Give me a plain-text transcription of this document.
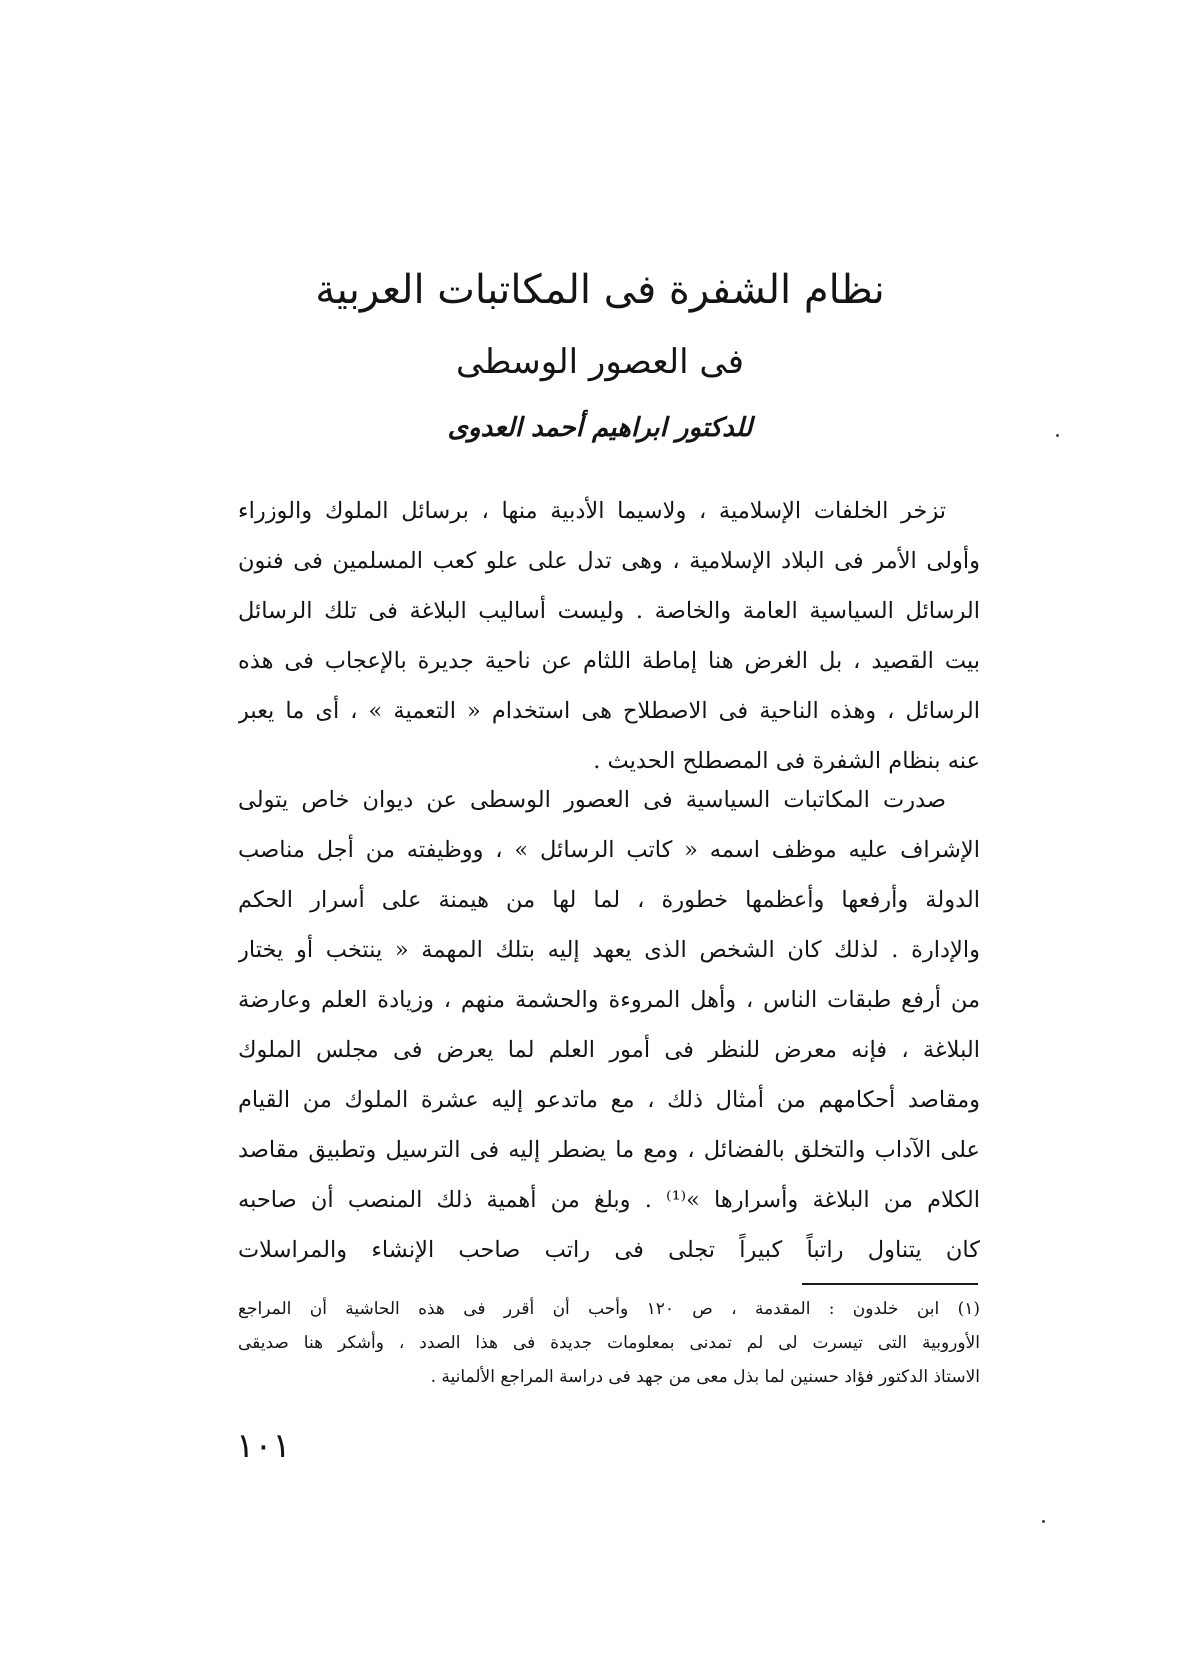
نظام الشفرة فى المكاتبات العربية
فى العصور الوسطى
للدكتور ابراهيم أحمد العدوى
تزخر الخلفات الإسلامية ، ولاسيما الأدبية منها ، برسائل الملوك والوزراء
وأولى الأمر فى البلاد الإسلامية ، وهى تدل على علو كعب المسلمين فى فنون
الرسائل السياسية العامة والخاصة . وليست أساليب البلاغة فى تلك الرسائل
بيت القصيد ، بل الغرض هنا إماطة اللثام عن ناحية جديرة بالإعجاب فى هذه
الرسائل ، وهذه الناحية فى الاصطلاح هى استخدام « التعمية » ، أى ما يعبر
عنه بنظام الشفرة فى المصطلح الحديث .
صدرت المكاتبات السياسية فى العصور الوسطى عن ديوان خاص يتولى
الإشراف عليه موظف اسمه « كاتب الرسائل » ، ووظيفته من أجل مناصب
الدولة وأرفعها وأعظمها خطورة ، لما لها من هيمنة على أسرار الحكم
والإدارة . لذلك كان الشخص الذى يعهد إليه بتلك المهمة « ينتخب أو يختار
من أرفع طبقات الناس ، وأهل المروءة والحشمة منهم ، وزيادة العلم وعارضة
البلاغة ، فإنه معرض للنظر فى أمور العلم لما يعرض فى مجلس الملوك
ومقاصد أحكامهم من أمثال ذلك ، مع ماتدعو إليه عشرة الملوك من القيام
على الآداب والتخلق بالفضائل ، ومع ما يضطر إليه فى الترسيل وتطبيق مقاصد
الكلام من البلاغة وأسرارها »⁽¹⁾ . وبلغ من أهمية ذلك المنصب أن صاحبه
كان يتناول راتباً كبيراً تجلى فى راتب صاحب الإنشاء والمراسلات
(١) ابن خلدون : المقدمة ، ص ١٢٠ وأحب أن أقرر فى هذه الحاشية أن المراجع
الأوروبية التى تيسرت لى لم تمدنى بمعلومات جديدة فى هذا الصدد ، وأشكر هنا صديقى
الاستاذ الدكتور فؤاد حسنين لما بذل معى من جهد فى دراسة المراجع الألمانية .
١٠١
